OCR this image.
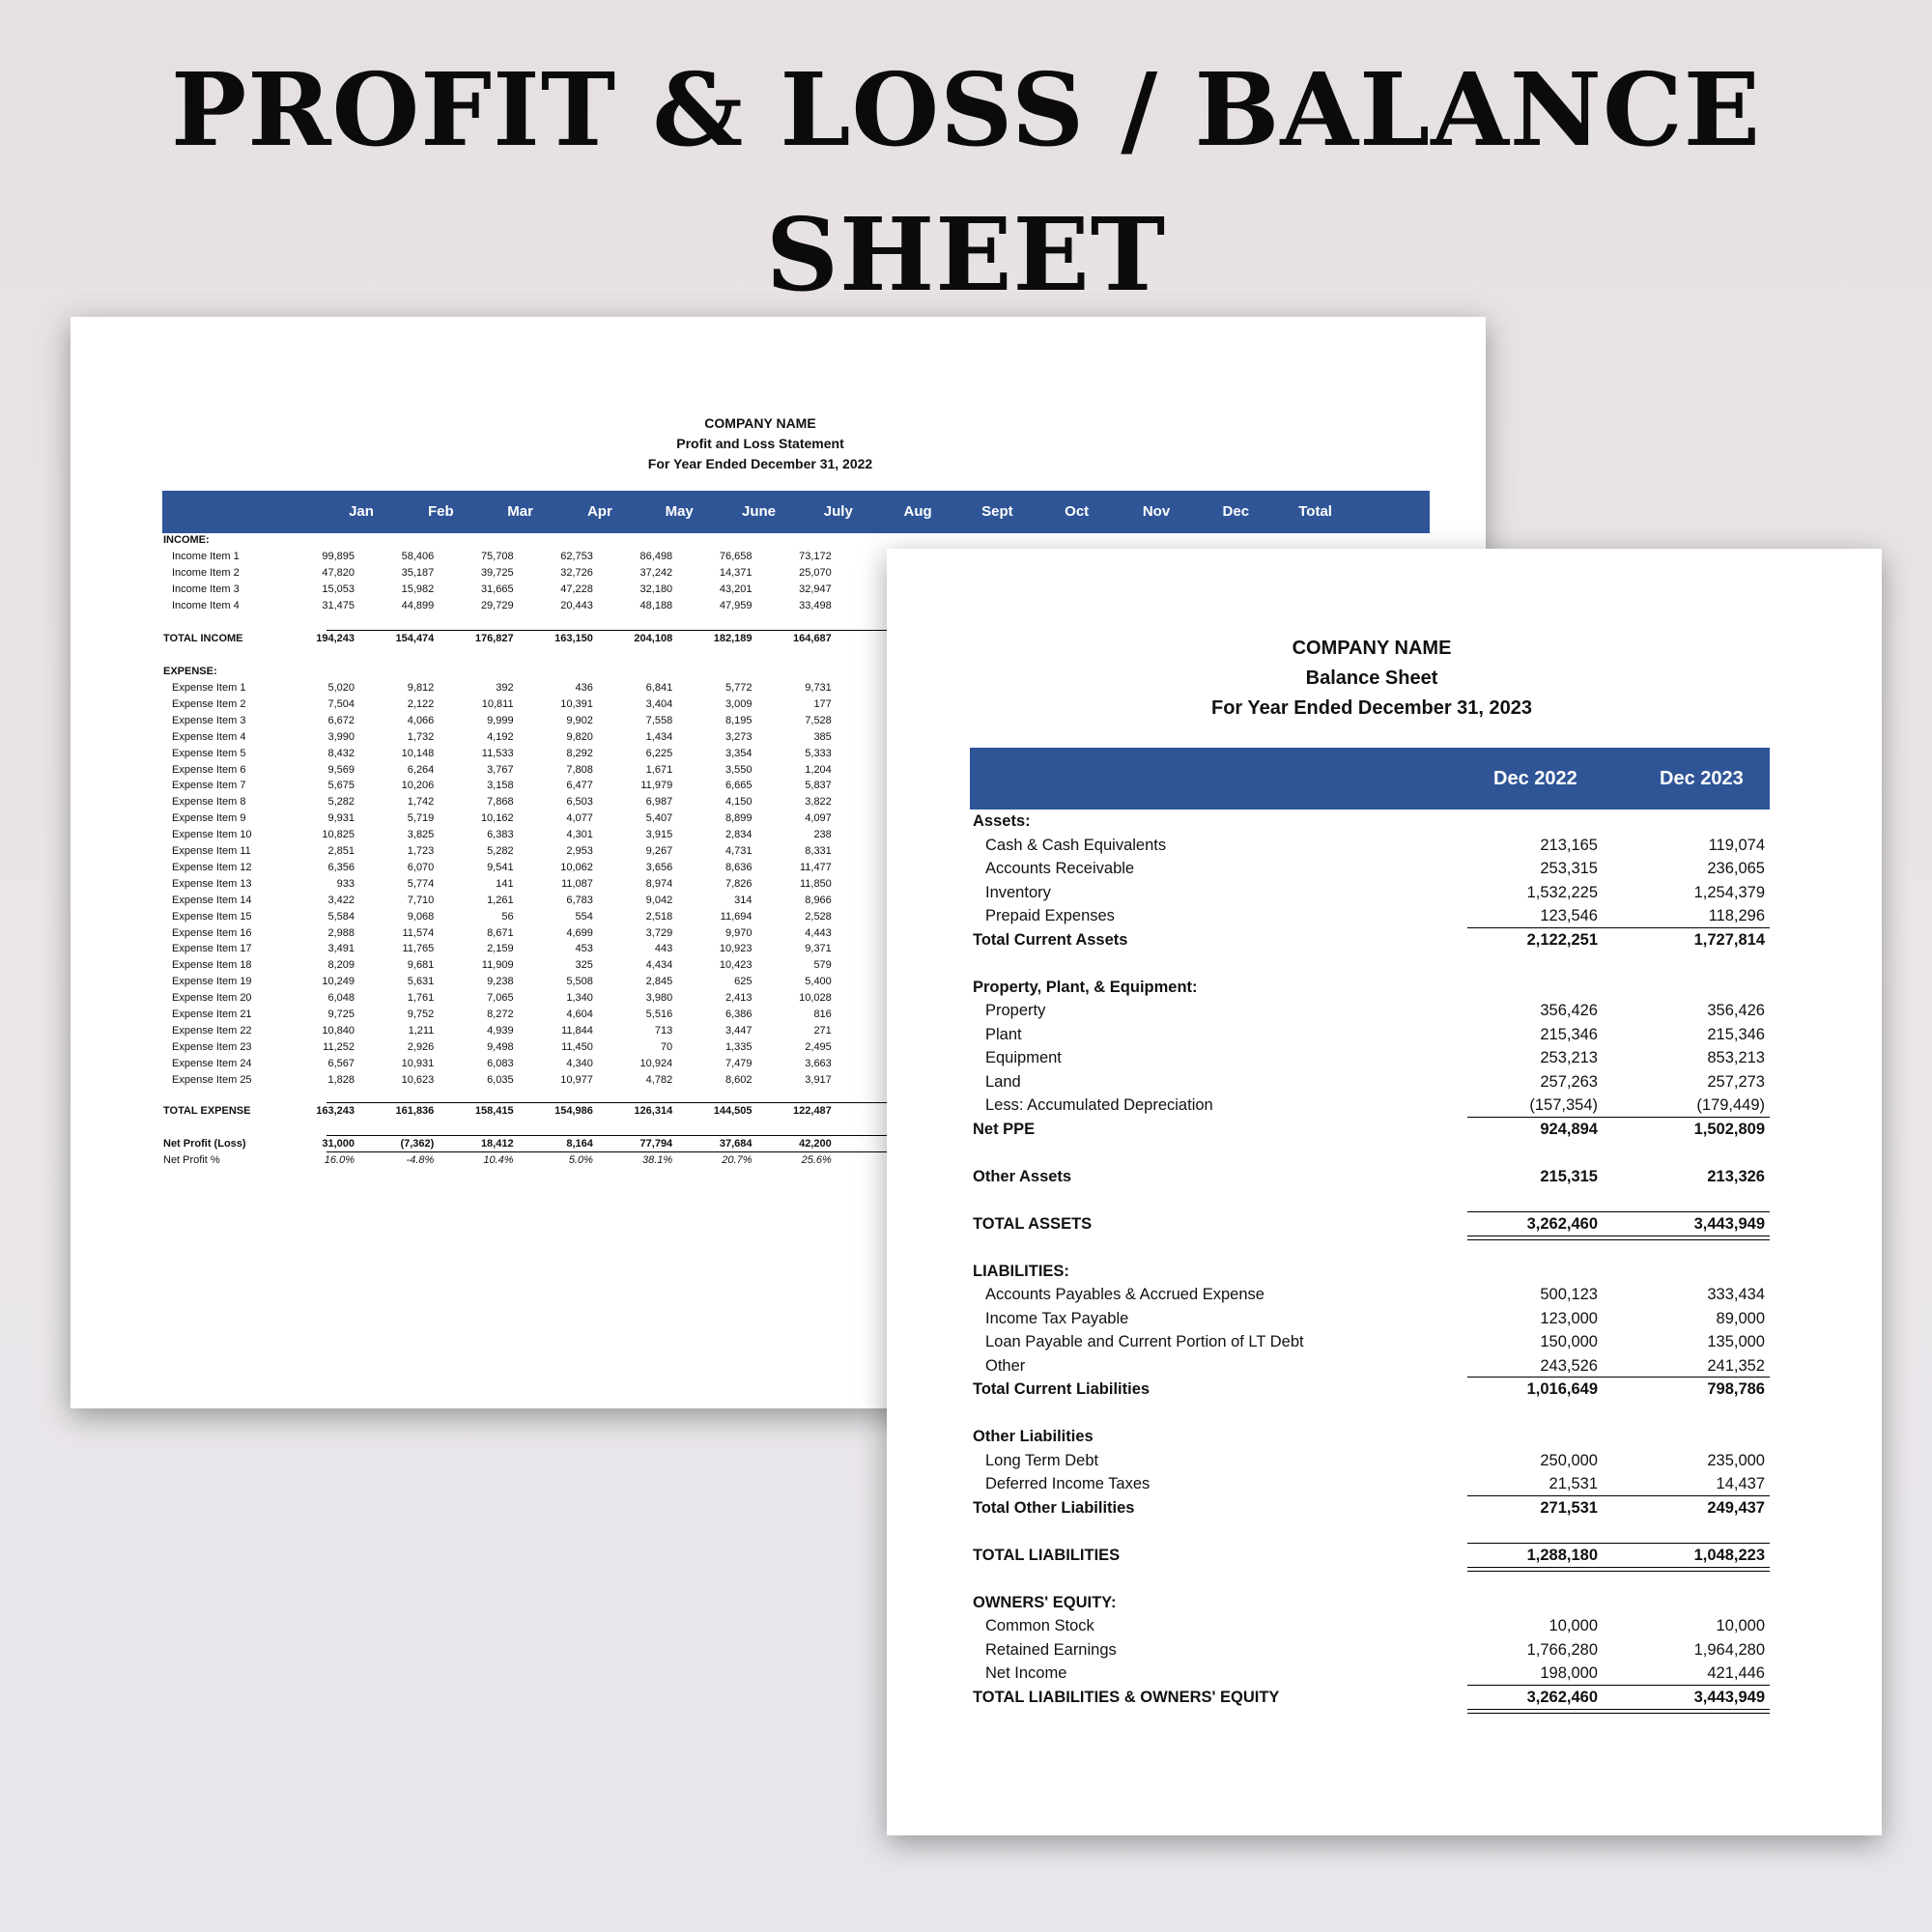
PROFIT & LOSS / BALANCE
SHEET
COMPANY NAME
Profit and Loss Statement
For Year Ended December 31, 2022
Jan	Feb	Mar	Apr	May	June	July	Aug	Sept	Oct	Nov	Dec	Total
INCOME:
Income Item 1	99,895	58,406	75,708	62,753	86,498	76,658	73,172
Income Item 2	47,820	35,187	39,725	32,726	37,242	14,371	25,070
Income Item 3	15,053	15,982	31,665	47,228	32,180	43,201	32,947
Income Item 4	31,475	44,899	29,729	20,443	48,188	47,959	33,498
TOTAL INCOME	194,243	154,474	176,827	163,150	204,108	182,189	164,687
EXPENSE:
Expense Item 1	5,020	9,812	392	436	6,841	5,772	9,731
Expense Item 2	7,504	2,122	10,811	10,391	3,404	3,009	177
Expense Item 3	6,672	4,066	9,999	9,902	7,558	8,195	7,528
Expense Item 4	3,990	1,732	4,192	9,820	1,434	3,273	385
Expense Item 5	8,432	10,148	11,533	8,292	6,225	3,354	5,333
Expense Item 6	9,569	6,264	3,767	7,808	1,671	3,550	1,204
Expense Item 7	5,675	10,206	3,158	6,477	11,979	6,665	5,837
Expense Item 8	5,282	1,742	7,868	6,503	6,987	4,150	3,822
Expense Item 9	9,931	5,719	10,162	4,077	5,407	8,899	4,097
Expense Item 10	10,825	3,825	6,383	4,301	3,915	2,834	238
Expense Item 11	2,851	1,723	5,282	2,953	9,267	4,731	8,331
Expense Item 12	6,356	6,070	9,541	10,062	3,656	8,636	11,477
Expense Item 13	933	5,774	141	11,087	8,974	7,826	11,850
Expense Item 14	3,422	7,710	1,261	6,783	9,042	314	8,966
Expense Item 15	5,584	9,068	56	554	2,518	11,694	2,528
Expense Item 16	2,988	11,574	8,671	4,699	3,729	9,970	4,443
Expense Item 17	3,491	11,765	2,159	453	443	10,923	9,371
Expense Item 18	8,209	9,681	11,909	325	4,434	10,423	579
Expense Item 19	10,249	5,631	9,238	5,508	2,845	625	5,400
Expense Item 20	6,048	1,761	7,065	1,340	3,980	2,413	10,028
Expense Item 21	9,725	9,752	8,272	4,604	5,516	6,386	816
Expense Item 22	10,840	1,211	4,939	11,844	713	3,447	271
Expense Item 23	11,252	2,926	9,498	11,450	70	1,335	2,495
Expense Item 24	6,567	10,931	6,083	4,340	10,924	7,479	3,663
Expense Item 25	1,828	10,623	6,035	10,977	4,782	8,602	3,917
TOTAL EXPENSE	163,243	161,836	158,415	154,986	126,314	144,505	122,487
Net Profit (Loss)	31,000	(7,362)	18,412	8,164	77,794	37,684	42,200
Net Profit %	16.0%	-4.8%	10.4%	5.0%	38.1%	20.7%	25.6%
COMPANY NAME
Balance Sheet
For Year Ended December 31, 2023
Dec 2022	Dec 2023
Assets:
Cash & Cash Equivalents	213,165	119,074
Accounts Receivable	253,315	236,065
Inventory	1,532,225	1,254,379
Prepaid Expenses	123,546	118,296
Total Current Assets	2,122,251	1,727,814
Property, Plant, & Equipment:
Property	356,426	356,426
Plant	215,346	215,346
Equipment	253,213	853,213
Land	257,263	257,273
Less: Accumulated Depreciation	(157,354)	(179,449)
Net PPE	924,894	1,502,809
Other Assets	215,315	213,326
TOTAL ASSETS	3,262,460	3,443,949
LIABILITIES:
Accounts Payables & Accrued Expense	500,123	333,434
Income Tax Payable	123,000	89,000
Loan Payable and Current Portion of LT Debt	150,000	135,000
Other	243,526	241,352
Total Current Liabilities	1,016,649	798,786
Other Liabilities
Long Term Debt	250,000	235,000
Deferred Income Taxes	21,531	14,437
Total Other Liabilities	271,531	249,437
TOTAL LIABILITIES	1,288,180	1,048,223
OWNERS' EQUITY:
Common Stock	10,000	10,000
Retained Earnings	1,766,280	1,964,280
Net Income	198,000	421,446
TOTAL LIABILITIES & OWNERS' EQUITY	3,262,460	3,443,949
